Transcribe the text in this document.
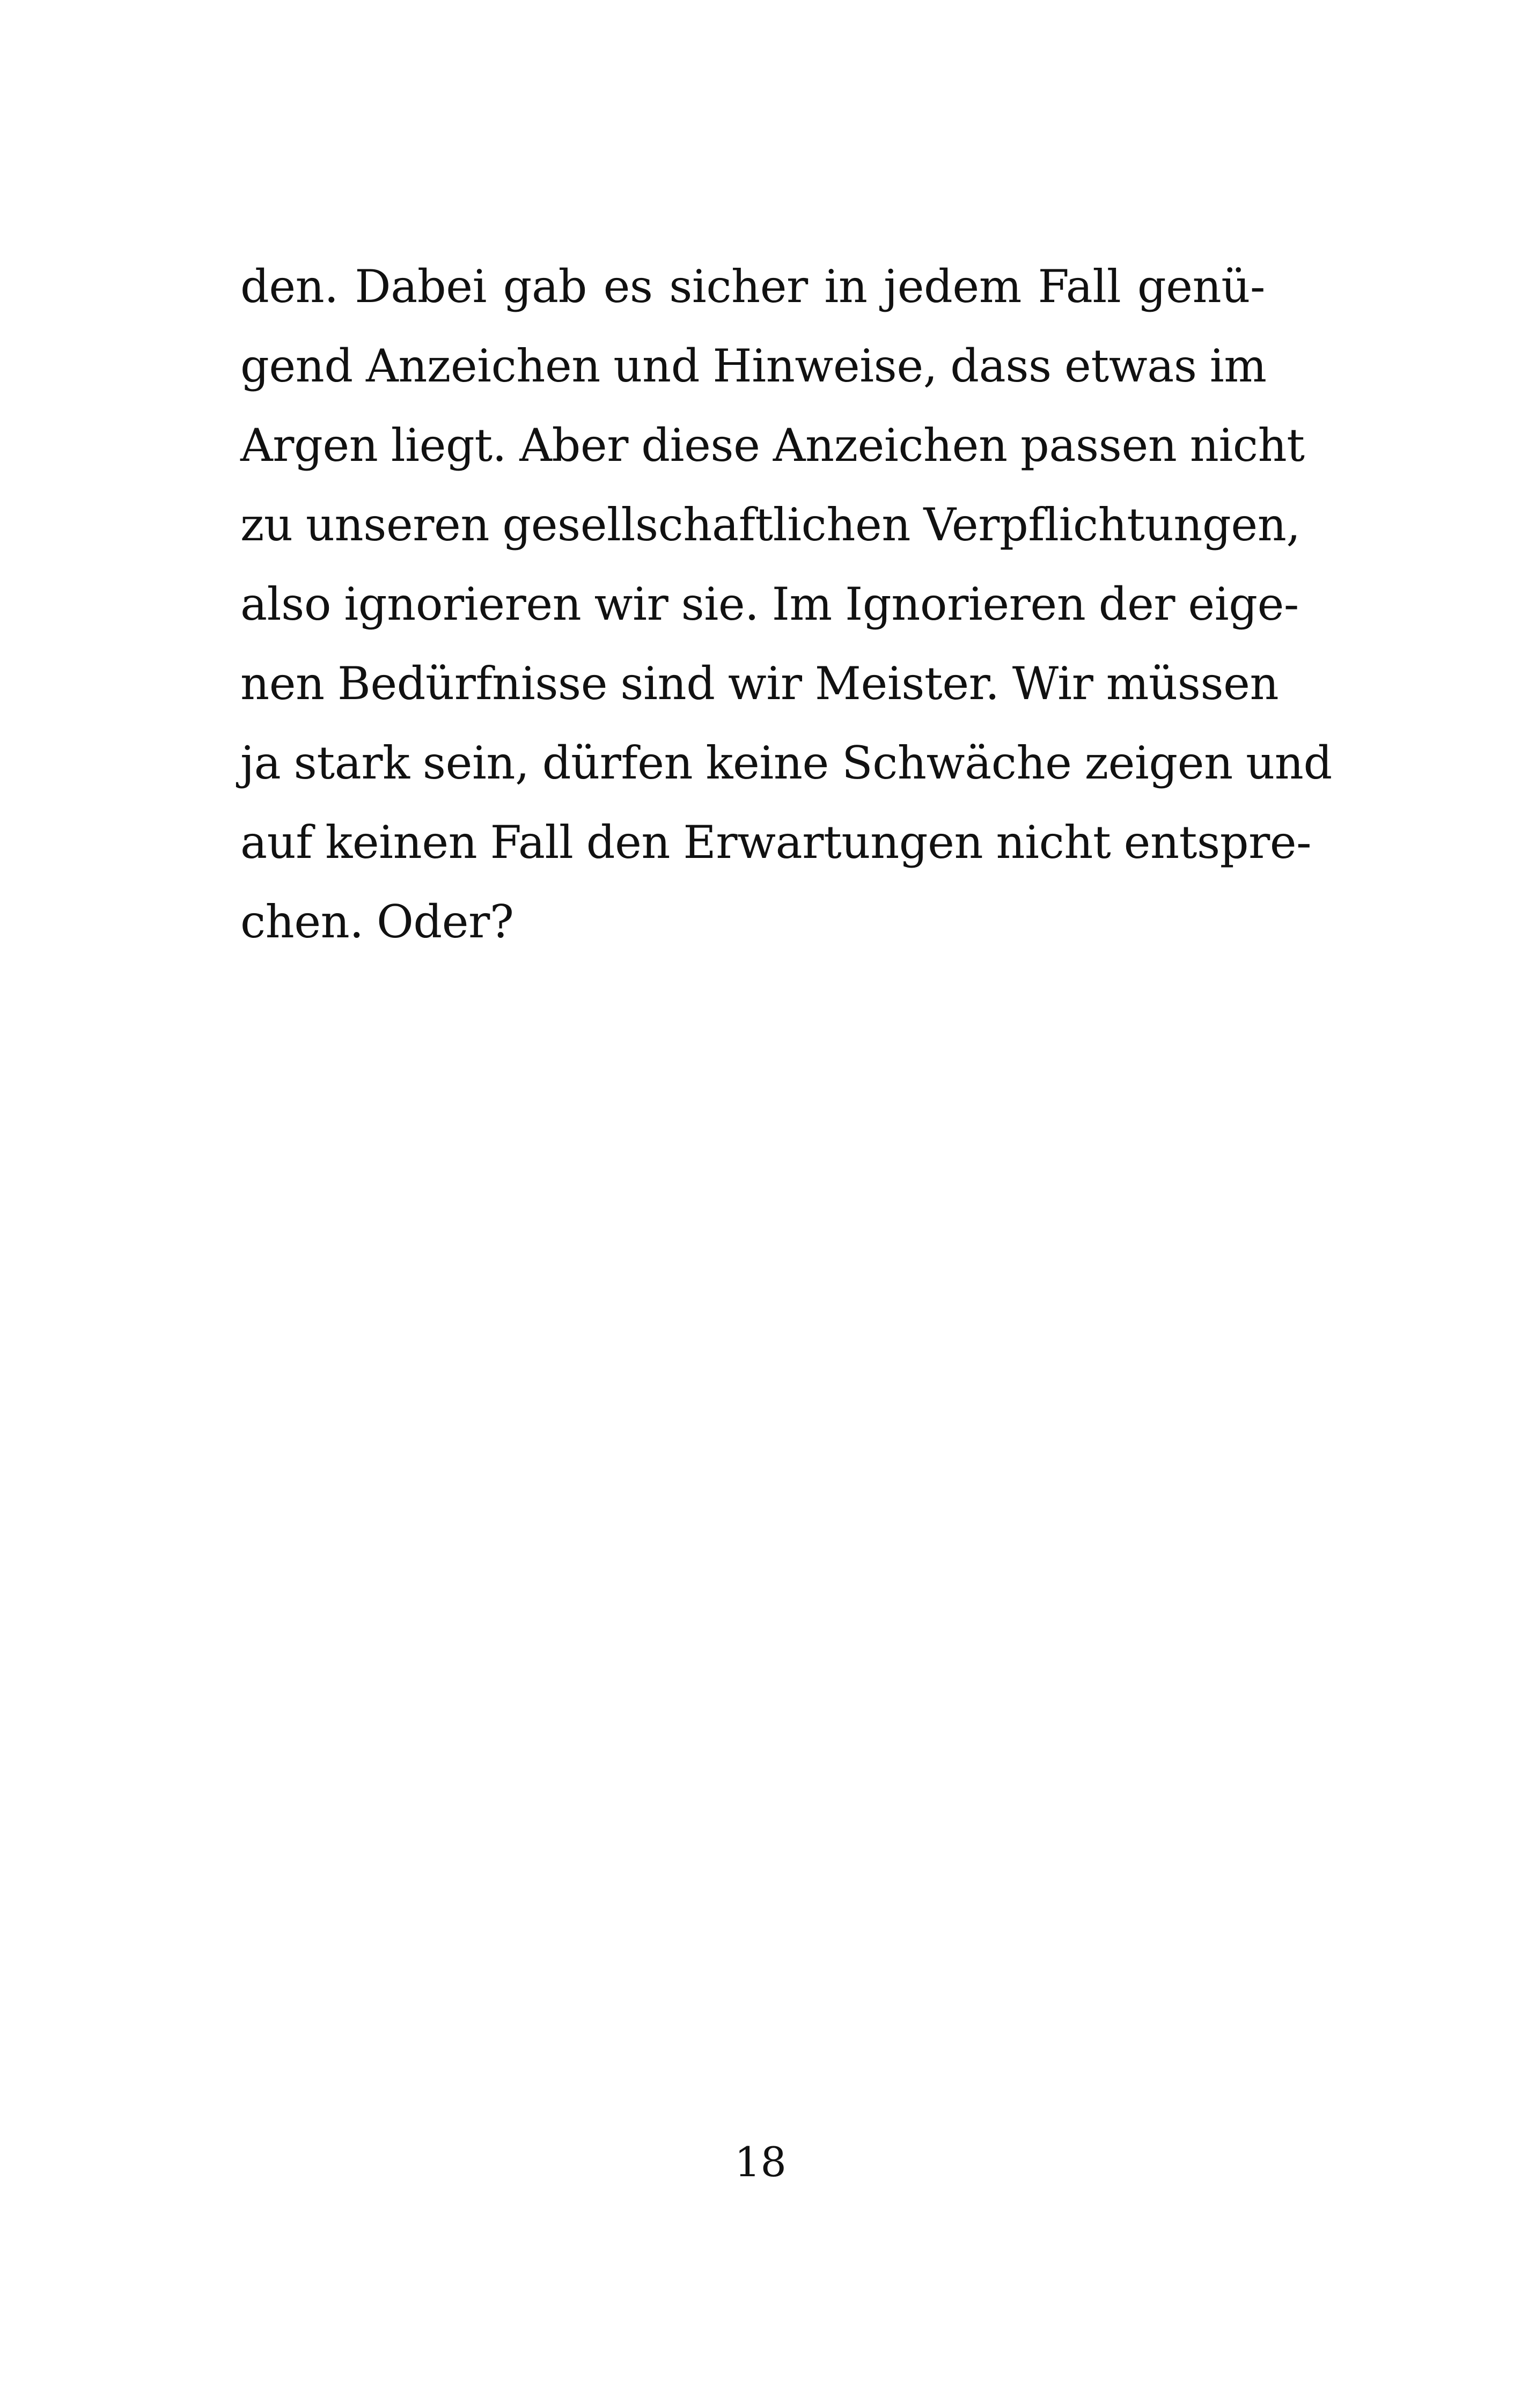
den. Dabei gab es sicher in jedem Fall genü-
gend Anzeichen und Hinweise, dass etwas im
Argen liegt. Aber diese Anzeichen passen nicht
zu unseren gesellschaftlichen Verpflichtungen,
also ignorieren wir sie. Im Ignorieren der eige-
nen Bedürfnisse sind wir Meister. Wir müssen
ja stark sein, dürfen keine Schwäche zeigen und
auf keinen Fall den Erwartungen nicht entspre-
chen. Oder?
18
